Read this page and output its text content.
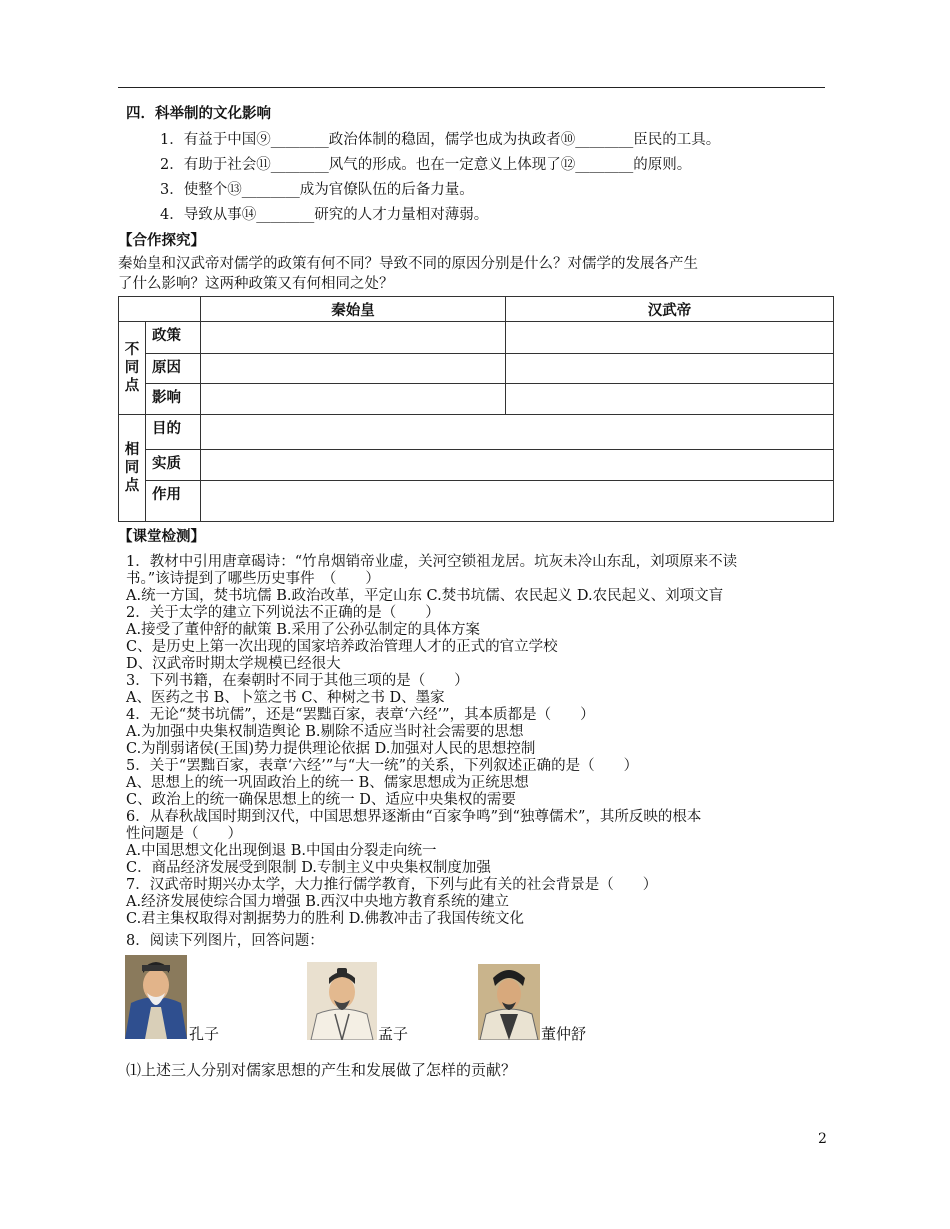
四．科举制的文化影响
1．有益于中国⑨________政治体制的稳固，儒学也成为执政者⑩________臣民的工具。
2．有助于社会⑪________风气的形成。也在一定意义上体现了⑫________的原则。
3．使整个⑬________成为官僚队伍的后备力量。
4．导致从事⑭________研究的人才力量相对薄弱。
【合作探究】
秦始皇和汉武帝对儒学的政策有何不同？导致不同的原因分别是什么？对儒学的发展各产生
了什么影响？这两种政策又有何相同之处？
		秦始皇	汉武帝

不
同
点	政策		
	原因		
	影响		

相
同
点	目的		
	实质		
	作用		
【课堂检测】
1．教材中引用唐章碣诗：“竹帛烟销帝业虚，关河空锁祖龙居。坑灰未冷山东乱，刘项原来不读
书。”该诗提到了哪些历史事件　（　　）
A.统一方国，焚书坑儒 B.政治改革，平定山东 C.焚书坑儒、农民起义 D.农民起义、刘项文盲
2．关于太学的建立下列说法不正确的是（　　）
A.接受了董仲舒的献策 B.采用了公孙弘制定的具体方案
C、是历史上第一次出现的国家培养政治管理人才的正式的官立学校
D、汉武帝时期太学规模已经很大
3．下列书籍，在秦朝时不同于其他三项的是（　　）
A、医药之书 B、卜筮之书 C、种树之书 D、墨家
4．无论“焚书坑儒”，还是“罢黜百家，表章‘六经’”，其本质都是（　　）
A.为加强中央集权制造舆论 B.剔除不适应当时社会需要的思想
C.为削弱诸侯(王国)势力提供理论依据 D.加强对人民的思想控制
5．关于“罢黜百家，表章‘六经’”与“大一统”的关系，下列叙述正确的是（　　）
A、思想上的统一巩固政治上的统一 B、儒家思想成为正统思想
C、政治上的统一确保思想上的统一 D、适应中央集权的需要
6．从春秋战国时期到汉代，中国思想界逐渐由“百家争鸣”到“独尊儒术”，其所反映的根本
性问题是（　　）
A.中国思想文化出现倒退 B.中国由分裂走向统一
C．商品经济发展受到限制 D.专制主义中央集权制度加强
7．汉武帝时期兴办太学，大力推行儒学教育，下列与此有关的社会背景是（　　）
A.经济发展使综合国力增强 B.西汉中央地方教育系统的建立
C.君主集权取得对割据势力的胜利 D.佛教冲击了我国传统文化
8．阅读下列图片，回答问题：
孔子	孟子	董仲舒
⑴上述三人分别对儒家思想的产生和发展做了怎样的贡献？
2
